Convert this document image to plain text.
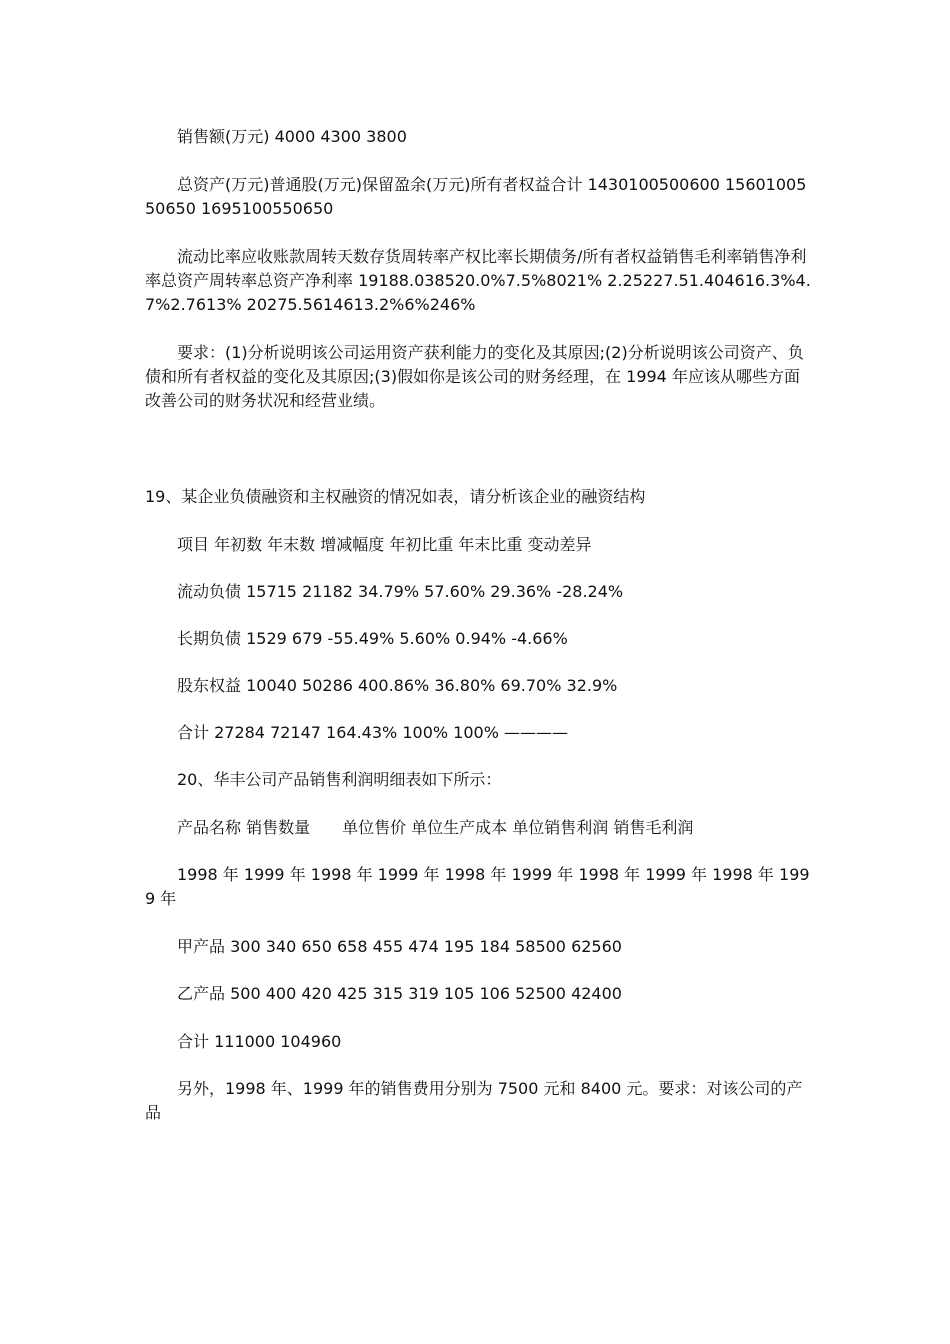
销售额(万元) 4000 4300 3800

总资产(万元)普通股(万元)保留盈余(万元)所有者权益合计 1430100500600 1560100550650 1695100550650

流动比率应收账款周转天数存货周转率产权比率长期债务/所有者权益销售毛利率销售净利率总资产周转率总资产净利率 19188.038520.0%7.5%8021% 2.25227.51.404616.3%4.7%2.7613% 20275.5614613.2%6%246%

要求：(1)分析说明该公司运用资产获利能力的变化及其原因;(2)分析说明该公司资产、负债和所有者权益的变化及其原因;(3)假如你是该公司的财务经理，在 1994 年应该从哪些方面改善公司的财务状况和经营业绩。

19、某企业负债融资和主权融资的情况如表，请分析该企业的融资结构

项目 年初数 年末数 增减幅度 年初比重 年末比重 变动差异

流动负债 15715 21182 34.79% 57.60% 29.36% -28.24%

长期负债 1529 679 -55.49% 5.60% 0.94% -4.66%

股东权益 10040 50286 400.86% 36.80% 69.70% 32.9%

合计 27284 72147 164.43% 100% 100% ————

20、华丰公司产品销售利润明细表如下所示：

产品名称 销售数量　　单位售价 单位生产成本 单位销售利润 销售毛利润

1998 年 1999 年 1998 年 1999 年 1998 年 1999 年 1998 年 1999 年 1998 年 1999 年

甲产品 300 340 650 658 455 474 195 184 58500 62560

乙产品 500 400 420 425 315 319 105 106 52500 42400

合计 111000 104960

另外，1998 年、1999 年的销售费用分别为 7500 元和 8400 元。要求：对该公司的产品
